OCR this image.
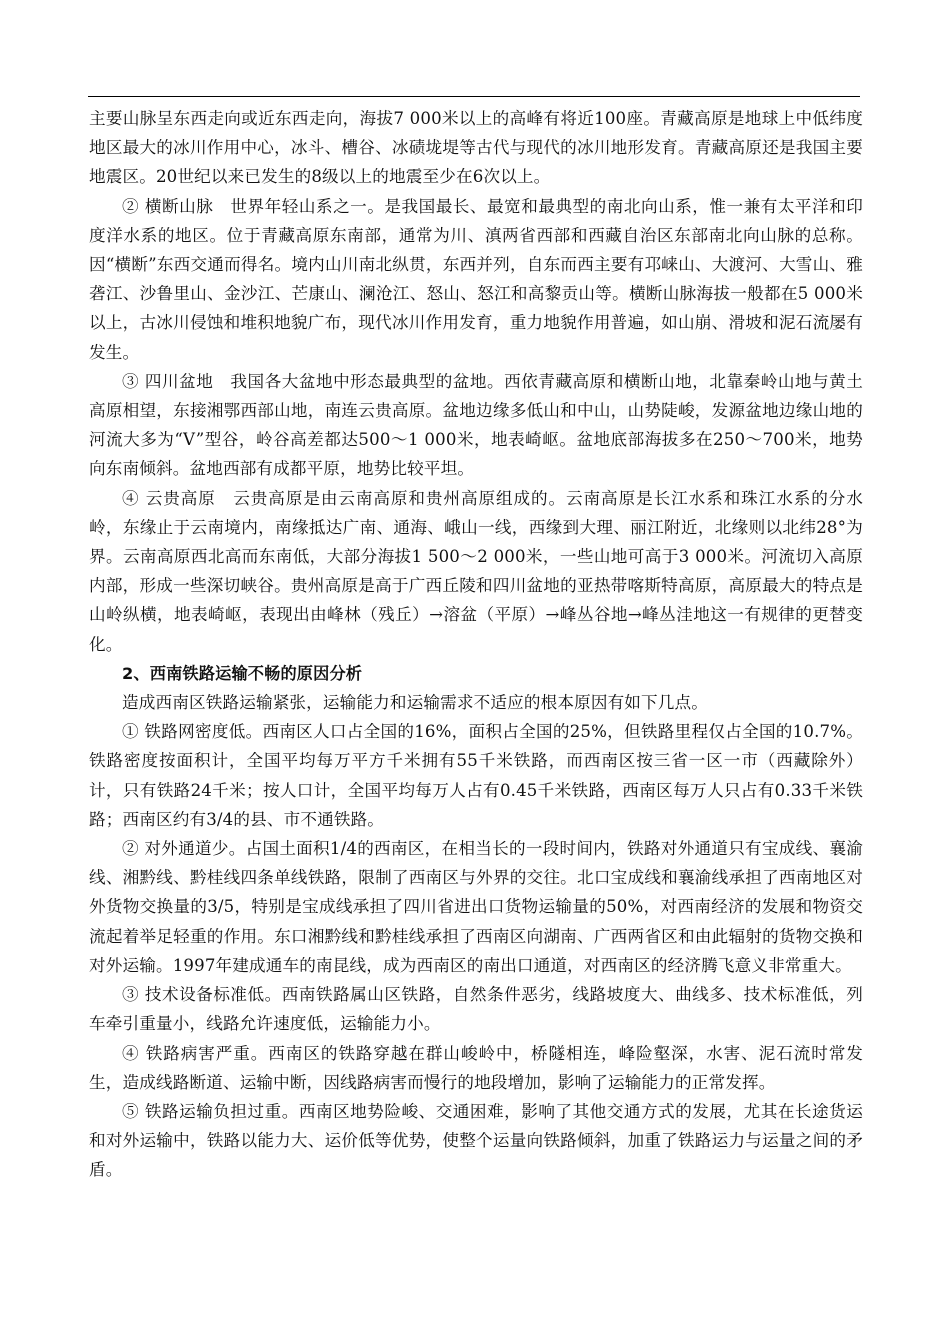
主要山脉呈东西走向或近东西走向，海拔7 000米以上的高峰有将近100座。青藏高原是地球上中低纬度地区最大的冰川作用中心，冰斗、槽谷、冰碛垅堤等古代与现代的冰川地形发育。青藏高原还是我国主要地震区。20世纪以来已发生的8级以上的地震至少在6次以上。

② 横断山脉　世界年轻山系之一。是我国最长、最宽和最典型的南北向山系，惟一兼有太平洋和印度洋水系的地区。位于青藏高原东南部，通常为川、滇两省西部和西藏自治区东部南北向山脉的总称。因“横断”东西交通而得名。境内山川南北纵贯，东西并列，自东而西主要有邛崃山、大渡河、大雪山、雅砻江、沙鲁里山、金沙江、芒康山、澜沧江、怒山、怒江和高黎贡山等。横断山脉海拔一般都在5 000米以上，古冰川侵蚀和堆积地貌广布，现代冰川作用发育，重力地貌作用普遍，如山崩、滑坡和泥石流屡有发生。

③ 四川盆地　我国各大盆地中形态最典型的盆地。西依青藏高原和横断山地，北靠秦岭山地与黄土高原相望，东接湘鄂西部山地，南连云贵高原。盆地边缘多低山和中山，山势陡峻，发源盆地边缘山地的河流大多为“V”型谷，岭谷高差都达500～1 000米，地表崎岖。盆地底部海拔多在250～700米，地势向东南倾斜。盆地西部有成都平原，地势比较平坦。

④ 云贵高原　云贵高原是由云南高原和贵州高原组成的。云南高原是长江水系和珠江水系的分水岭，东缘止于云南境内，南缘抵达广南、通海、峨山一线，西缘到大理、丽江附近，北缘则以北纬28°为界。云南高原西北高而东南低，大部分海拔1 500～2 000米，一些山地可高于3 000米。河流切入高原内部，形成一些深切峡谷。贵州高原是高于广西丘陵和四川盆地的亚热带喀斯特高原，高原最大的特点是山岭纵横，地表崎岖，表现出由峰林（残丘）→溶盆（平原）→峰丛谷地→峰丛洼地这一有规律的更替变化。

2、西南铁路运输不畅的原因分析

造成西南区铁路运输紧张，运输能力和运输需求不适应的根本原因有如下几点。

① 铁路网密度低。西南区人口占全国的16%，面积占全国的25%，但铁路里程仅占全国的10.7%。铁路密度按面积计，全国平均每万平方千米拥有55千米铁路，而西南区按三省一区一市（西藏除外）计，只有铁路24千米；按人口计，全国平均每万人占有0.45千米铁路，西南区每万人只占有0.33千米铁路；西南区约有3/4的县、市不通铁路。

② 对外通道少。占国土面积1/4的西南区，在相当长的一段时间内，铁路对外通道只有宝成线、襄渝线、湘黔线、黔桂线四条单线铁路，限制了西南区与外界的交往。北口宝成线和襄渝线承担了西南地区对外货物交换量的3/5，特别是宝成线承担了四川省进出口货物运输量的50%，对西南经济的发展和物资交流起着举足轻重的作用。东口湘黔线和黔桂线承担了西南区向湖南、广西两省区和由此辐射的货物交换和对外运输。1997年建成通车的南昆线，成为西南区的南出口通道，对西南区的经济腾飞意义非常重大。

③ 技术设备标准低。西南铁路属山区铁路，自然条件恶劣，线路坡度大、曲线多、技术标准低，列车牵引重量小，线路允许速度低，运输能力小。

④ 铁路病害严重。西南区的铁路穿越在群山峻岭中，桥隧相连，峰险壑深，水害、泥石流时常发生，造成线路断道、运输中断，因线路病害而慢行的地段增加，影响了运输能力的正常发挥。

⑤ 铁路运输负担过重。西南区地势险峻、交通困难，影响了其他交通方式的发展，尤其在长途货运和对外运输中，铁路以能力大、运价低等优势，使整个运量向铁路倾斜，加重了铁路运力与运量之间的矛盾。
